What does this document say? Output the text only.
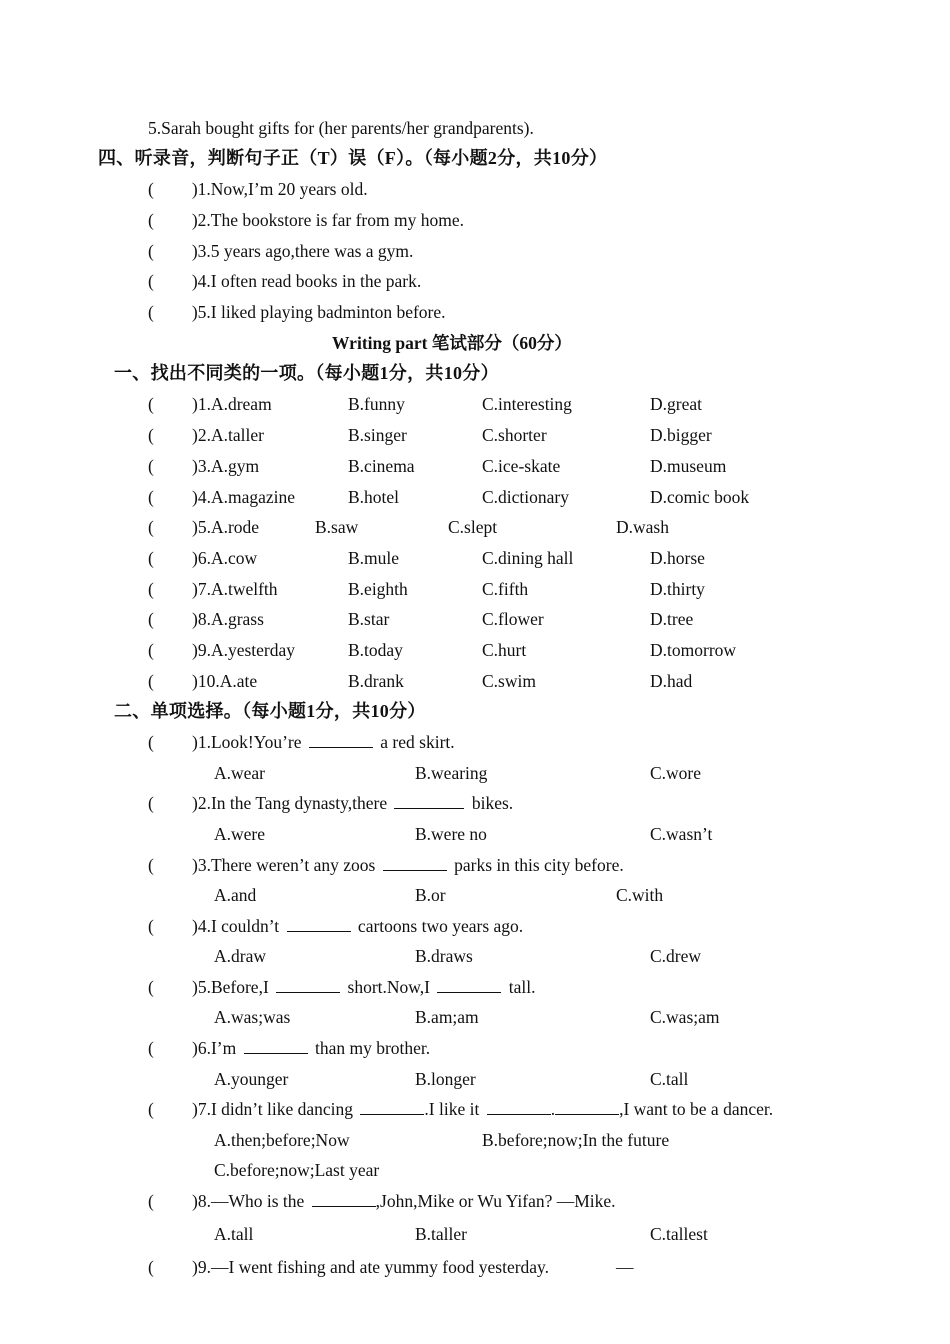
5.Sarah bought gifts for (her parents/her grandparents).
四、听录音，判断句子正（T）误（F）。（每小题2分，共10分）
( )1.Now,I’m 20 years old.
( )2.The bookstore is far from my home.
( )3.5 years ago,there was a gym.
( )4.I often read books in the park.
( )5.I liked playing badminton before.
Writing part 笔试部分（60分）
一、找出不同类的一项。（每小题1分，共10分）
( )1.A.dream	B.funny	C.interesting	D.great
( )2.A.taller	B.singer	C.shorter	D.bigger
( )3.A.gym	B.cinema	C.ice-skate	D.museum
( )4.A.magazine	B.hotel	C.dictionary	D.comic book
( )5.A.rode	B.saw	C.slept	D.wash
( )6.A.cow	B.mule	C.dining hall	D.horse
( )7.A.twelfth	B.eighth	C.fifth	D.thirty
( )8.A.grass	B.star	C.flower	D.tree
( )9.A.yesterday	B.today	C.hurt	D.tomorrow
( )10.A.ate	B.drank	C.swim	D.had
二、单项选择。（每小题1分，共10分）
( )1.Look!You’re	a red skirt.
A.wear	B.wearing	C.wore
( )2.In the Tang dynasty,there	bikes.
A.were	B.were no	C.wasn’t
( )3.There weren’t any zoos	parks in this city before.
A.and	B.or	C.with
( )4.I couldn’t	cartoons two years ago.
A.draw	B.draws	C.drew
( )5.Before,I	short.Now,I	tall.
A.was;was	B.am;am	C.was;am
( )6.I’m	than my brother.
A.younger	B.longer	C.tall
( )7.I didn’t like dancing	.I like it	.	,I want to be a dancer.
A.then;before;Now	B.before;now;In the future
C.before;now;Last year
( )8.—Who is the	,John,Mike or Wu Yifan? —Mike.
A.tall	B.taller	C.tallest
( )9.—I went fishing and ate yummy food yesterday.	—
